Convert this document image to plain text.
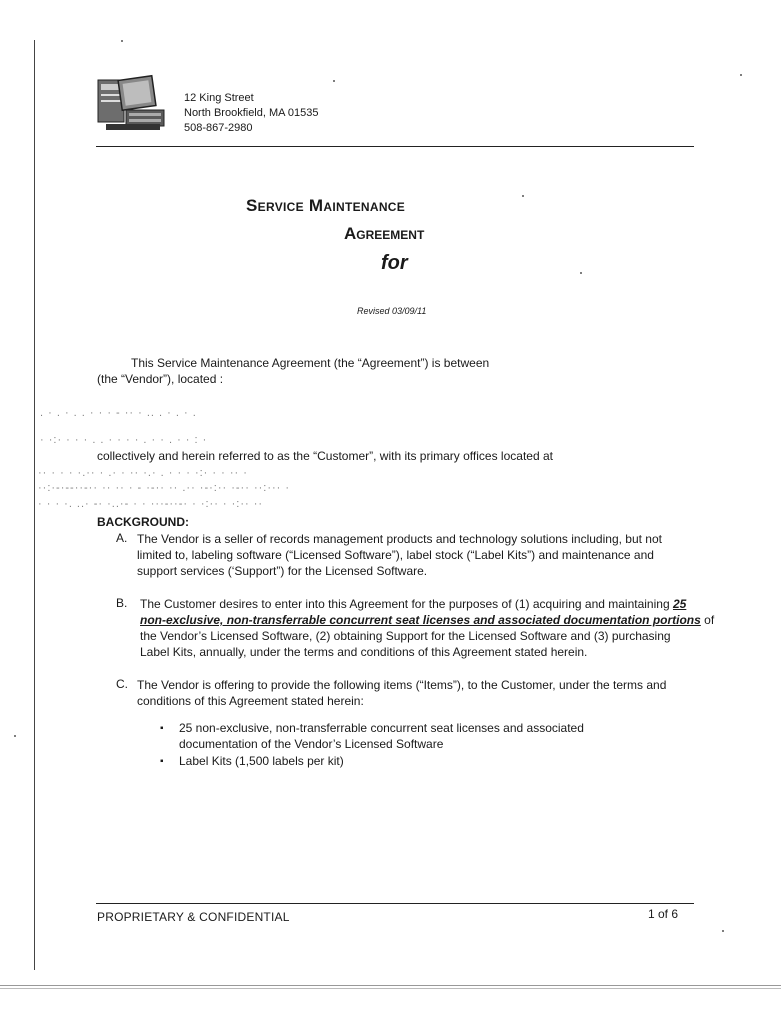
12 King Street
North Brookfield, MA 01535
508-867-2980
Service Maintenance
Agreement
for
Revised 03/09/11
This Service Maintenance Agreement (the “Agreement”) is between
(the “Vendor”), located :
. · . · . . · · · - ·· · .. . · . · .
· ·:· · · · . . · · · · . · · . · · : ·
collectively and herein referred to as the “Customer”, with its primary offices located at
·· · · · ·.·· · .· · ·· ·.· . · · · ·:· · · ·· ·
··:·-·--··-·· ·· ·· · - ·-·· ·· .·· ·-·:·· ·-·· ··:··· ·
· · · ·. ..· -· ·..·- · · ···-··-· · ·:·· · ·:·· ··
BACKGROUND:
A. The Vendor is a seller of records management products and technology solutions including, but not
limited to, labeling software (“Licensed Software”), label stock (“Label Kits”) and maintenance and
support services (‘Support”) for the Licensed Software.
B. The Customer desires to enter into this Agreement for the purposes of (1) acquiring and maintaining 25
non-exclusive, non-transferrable concurrent seat licenses and associated documentation portions of
the Vendor’s Licensed Software, (2) obtaining Support for the Licensed Software and (3) purchasing
Label Kits, annually, under the terms and conditions of this Agreement stated herein.
C. The Vendor is offering to provide the following items (“Items”), to the Customer, under the terms and
conditions of this Agreement stated herein:
▪ 25 non-exclusive, non-transferrable concurrent seat licenses and associated
documentation of the Vendor’s Licensed Software
▪ Label Kits (1,500 labels per kit)
PROPRIETARY & CONFIDENTIAL	1 of 6
